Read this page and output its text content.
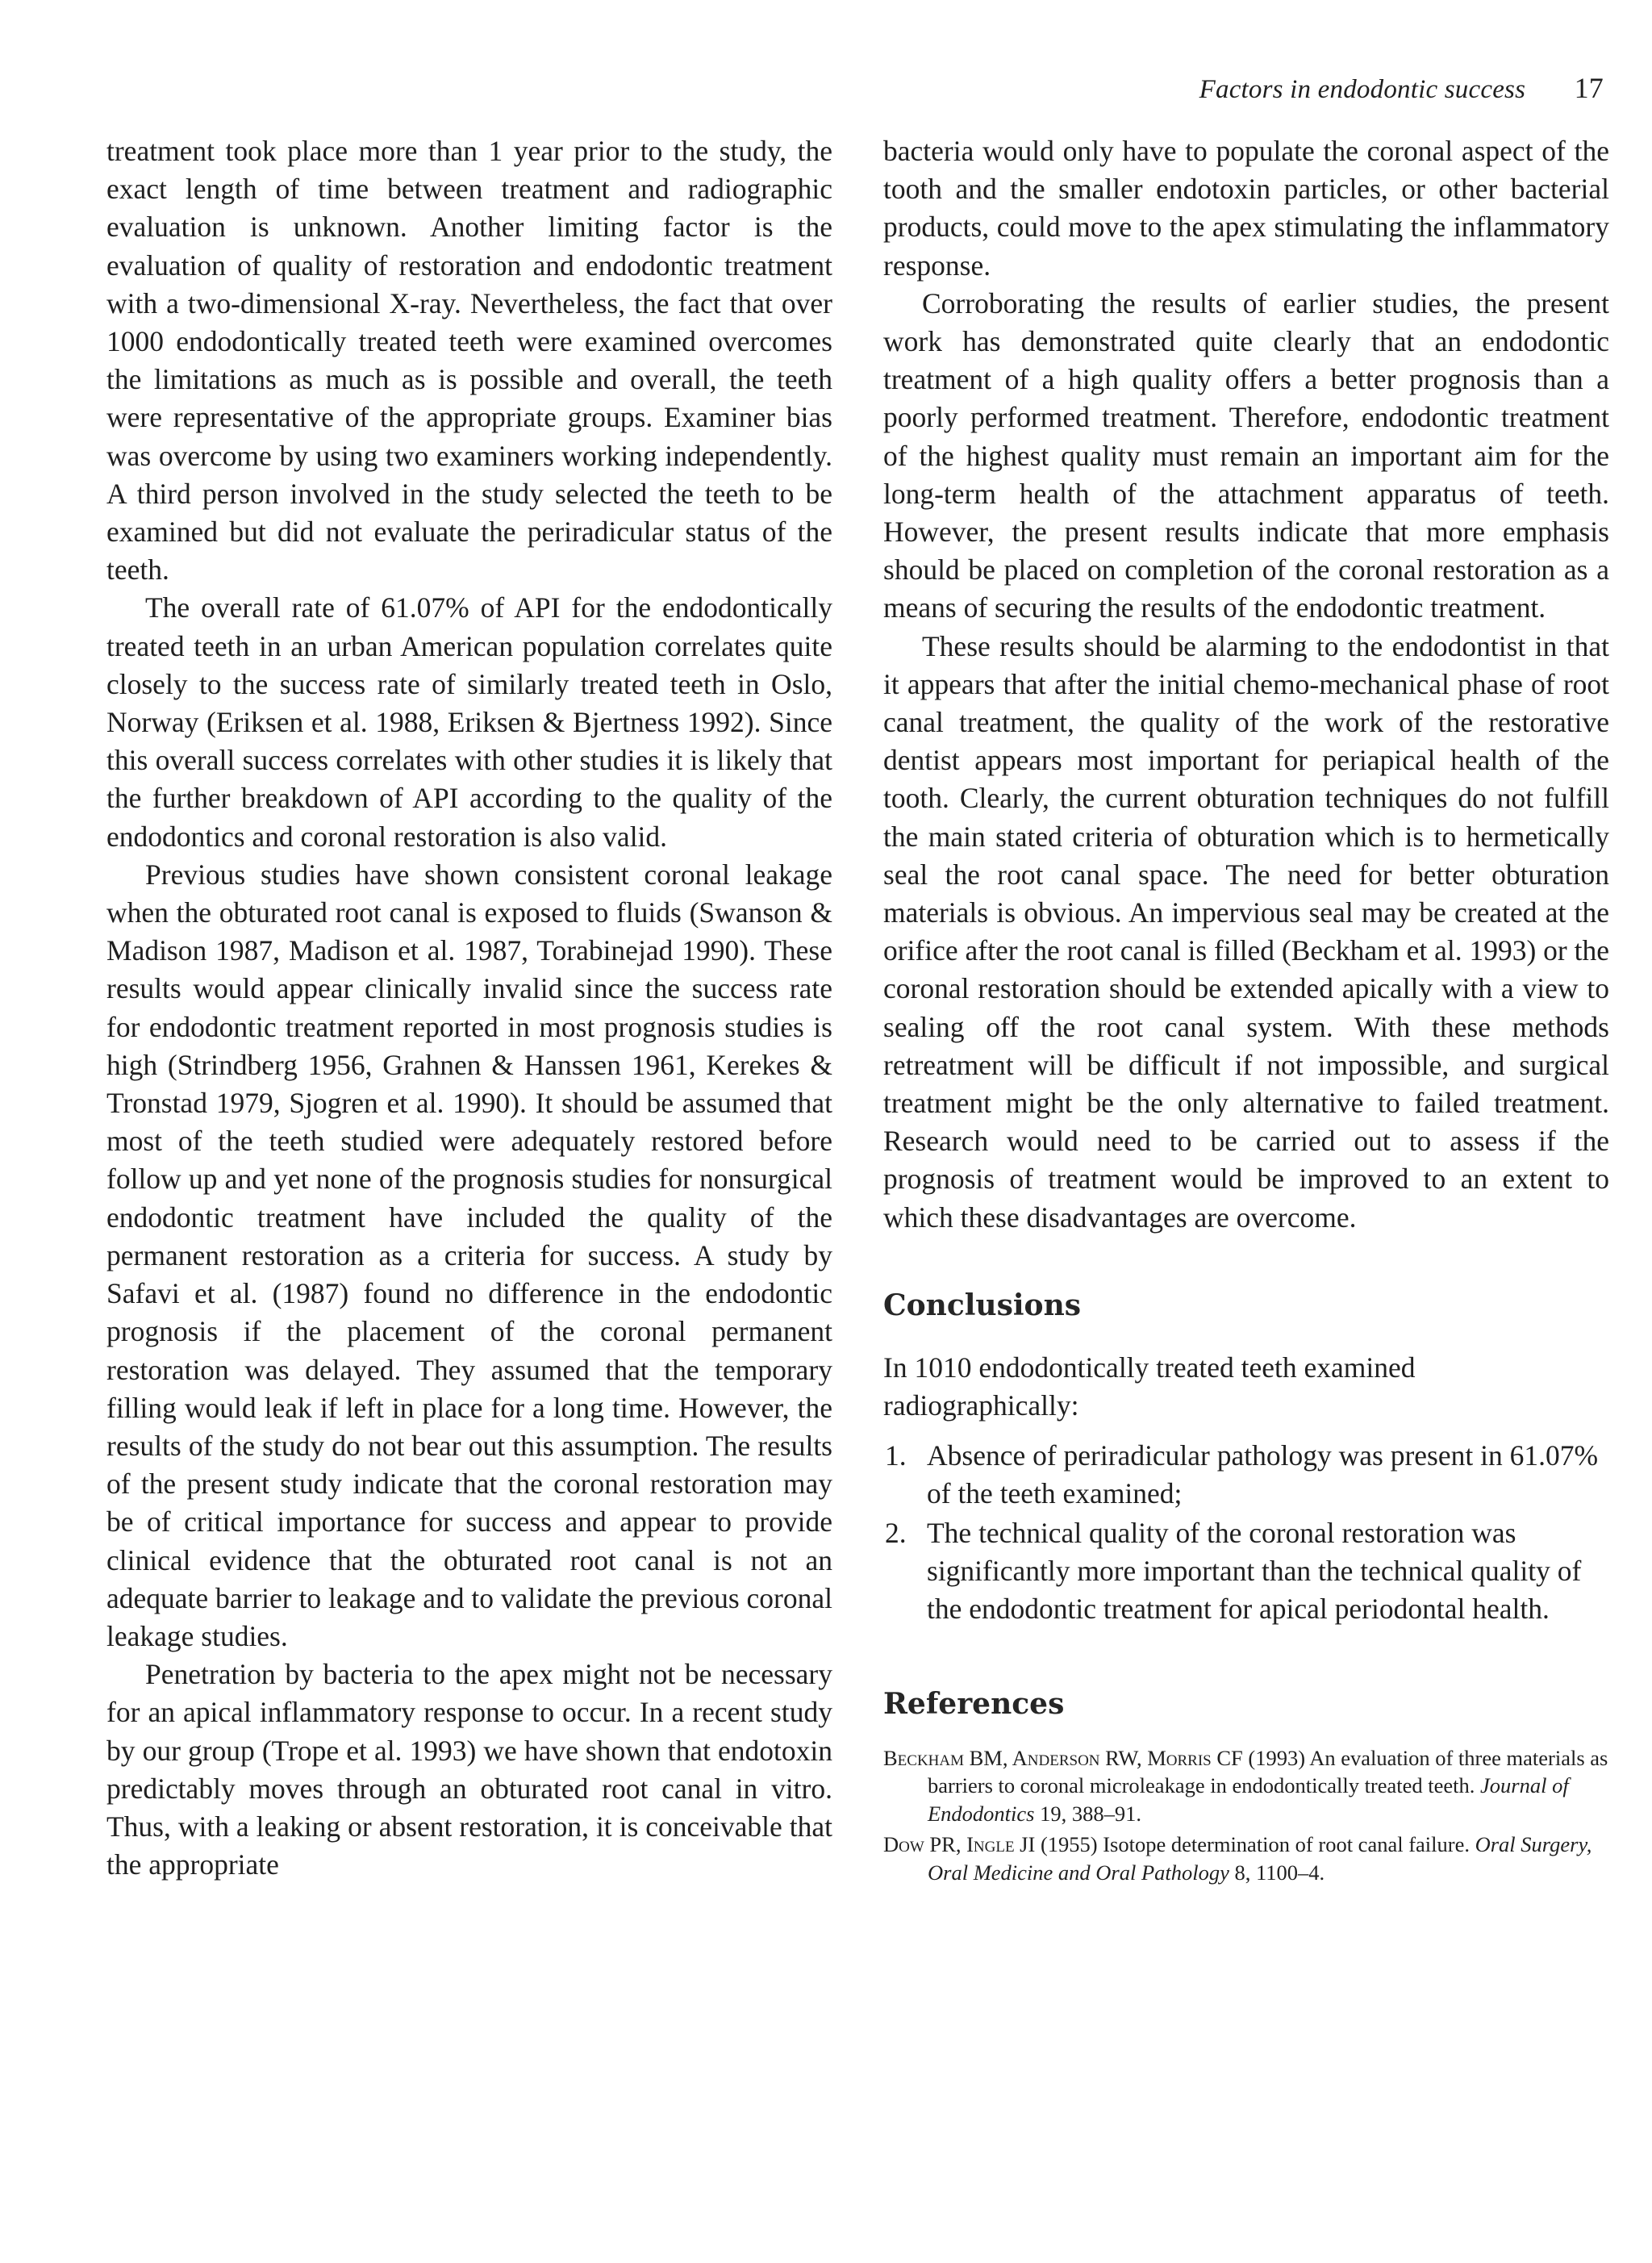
Factors in endodontic success 17

treatment took place more than 1 year prior to the study, the exact length of time between treatment and radiographic evaluation is unknown. Another limiting factor is the evaluation of quality of restoration and endodontic treatment with a two-dimensional X-ray. Nevertheless, the fact that over 1000 endodontically treated teeth were examined overcomes the limitations as much as is possible and overall, the teeth were representative of the appropriate groups. Examiner bias was overcome by using two examiners working independently. A third person involved in the study selected the teeth to be examined but did not evaluate the periradicular status of the teeth.

The overall rate of 61.07% of API for the endodontically treated teeth in an urban American population correlates quite closely to the success rate of similarly treated teeth in Oslo, Norway (Eriksen et al. 1988, Eriksen & Bjertness 1992). Since this overall success correlates with other studies it is likely that the further breakdown of API according to the quality of the endodontics and coronal restoration is also valid.

Previous studies have shown consistent coronal leakage when the obturated root canal is exposed to fluids (Swanson & Madison 1987, Madison et al. 1987, Torabinejad 1990). These results would appear clinically invalid since the success rate for endodontic treatment reported in most prognosis studies is high (Strindberg 1956, Grahnen & Hanssen 1961, Kerekes & Tronstad 1979, Sjogren et al. 1990). It should be assumed that most of the teeth studied were adequately restored before follow up and yet none of the prognosis studies for nonsurgical endodontic treatment have included the quality of the permanent restoration as a criteria for success. A study by Safavi et al. (1987) found no difference in the endodontic prognosis if the placement of the coronal permanent restoration was delayed. They assumed that the temporary filling would leak if left in place for a long time. However, the results of the study do not bear out this assumption. The results of the present study indicate that the coronal restoration may be of critical importance for success and appear to provide clinical evidence that the obturated root canal is not an adequate barrier to leakage and to validate the previous coronal leakage studies.

Penetration by bacteria to the apex might not be necessary for an apical inflammatory response to occur. In a recent study by our group (Trope et al. 1993) we have shown that endotoxin predictably moves through an obturated root canal in vitro. Thus, with a leaking or absent restoration, it is conceivable that the appropriate

bacteria would only have to populate the coronal aspect of the tooth and the smaller endotoxin particles, or other bacterial products, could move to the apex stimulating the inflammatory response.

Corroborating the results of earlier studies, the present work has demonstrated quite clearly that an endodontic treatment of a high quality offers a better prognosis than a poorly performed treatment. Therefore, endodontic treatment of the highest quality must remain an important aim for the long-term health of the attachment apparatus of teeth. However, the present results indicate that more emphasis should be placed on completion of the coronal restoration as a means of securing the results of the endodontic treatment.

These results should be alarming to the endodontist in that it appears that after the initial chemo-mechanical phase of root canal treatment, the quality of the work of the restorative dentist appears most important for periapical health of the tooth. Clearly, the current obturation techniques do not fulfill the main stated criteria of obturation which is to hermetically seal the root canal space. The need for better obturation materials is obvious. An impervious seal may be created at the orifice after the root canal is filled (Beckham et al. 1993) or the coronal restoration should be extended apically with a view to sealing off the root canal system. With these methods retreatment will be difficult if not impossible, and surgical treatment might be the only alternative to failed treatment. Research would need to be carried out to assess if the prognosis of treatment would be improved to an extent to which these disadvantages are overcome.

Conclusions

In 1010 endodontically treated teeth examined radiographically:

1. Absence of periradicular pathology was present in 61.07% of the teeth examined;
2. The technical quality of the coronal restoration was significantly more important than the technical quality of the endodontic treatment for apical periodontal health.
References
Beckham BM, Anderson RW, Morris CF (1993) An evaluation of three materials as barriers to coronal microleakage in endodontically treated teeth. Journal of Endodontics 19, 388–91.
Dow PR, Ingle JI (1955) Isotope determination of root canal failure. Oral Surgery, Oral Medicine and Oral Pathology 8, 1100–4.
